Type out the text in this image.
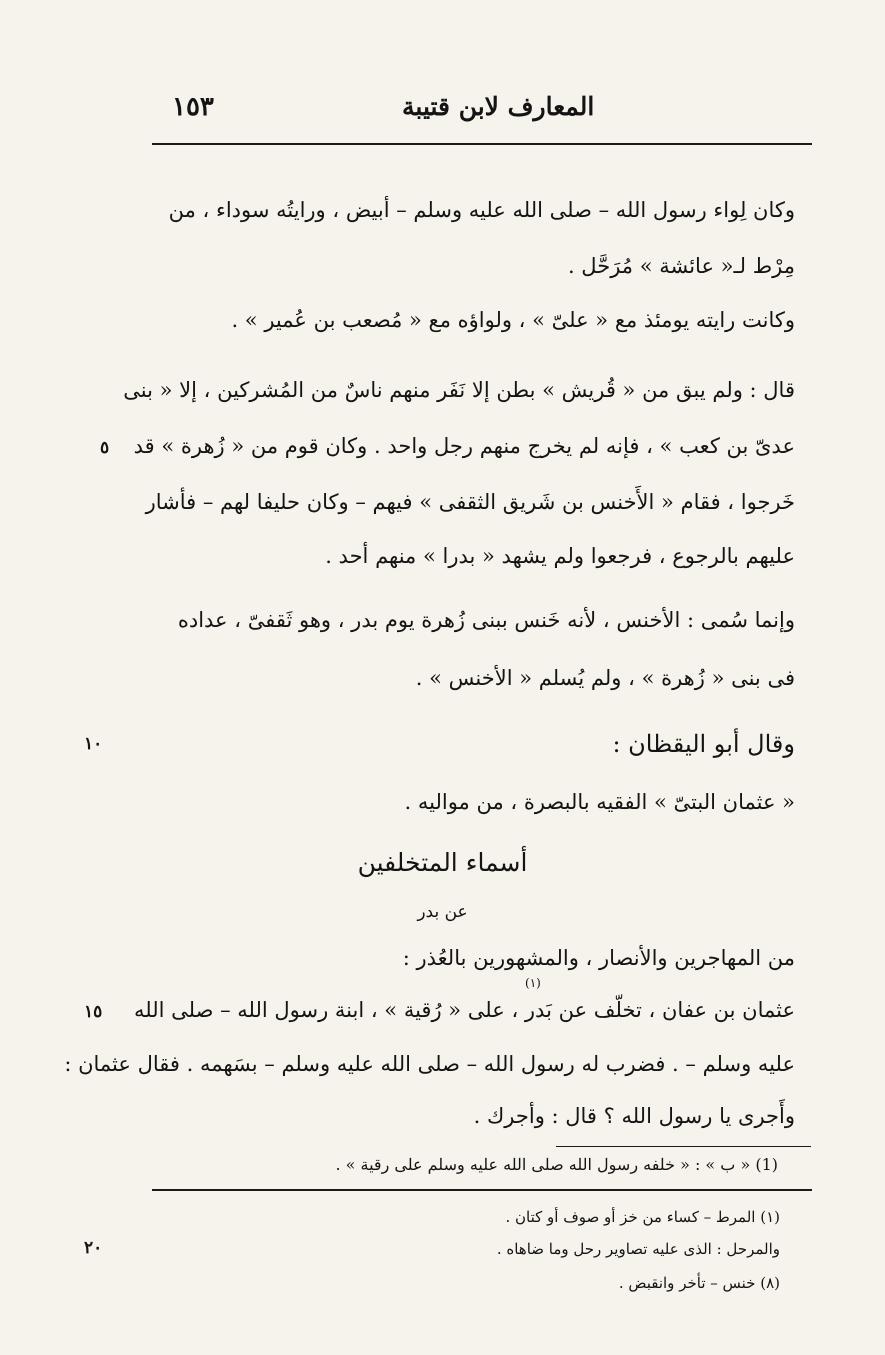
١٥٣	المعارف لابن قتيبة
وكان لِواء رسول الله – صلى الله عليه وسلم – أبيض ، ورايتُه سوداء ، من
مِرْط لـ« عائشة » مُرَحَّل .
وكانت رايته يومئذ مع « علىّ » ، ولواؤه مع « مُصعب بن عُمير » .
قال : ولم يبق من « قُريش » بطن إلا نَفَر منهم ناسٌ من المُشركين ، إلا « بنى
عدىّ بن كعب » ، فإنه لم يخرج منهم رجل واحد . وكان قوم من « زُهرة » قد
خَرجوا ، فقام « الأَخنس بن شَريق الثقفى » فيهم – وكان حليفا لهم – فأشار
عليهم بالرجوع ، فرجعوا ولم يشهد « بدرا » منهم أحد .
وإنما سُمى : الأخنس ، لأنه خَنس ببنى زُهرة يوم بدر ، وهو ثَقفىّ ، عداده
فى بنى « زُهرة » ، ولم يُسلم « الأخنس » .
وقال أبو اليقظان :
« عثمان البتىّ » الفقيه بالبصرة ، من مواليه .
أسماء المتخلفين
عن بدر
من المهاجرين والأنصار ، والمشهورين بالعُذر :
(١)
عثمان بن عفان ، تخلّف عن بَدر ، على « رُقية » ، ابنة رسول الله – صلى الله
عليه وسلم – . فضرب له رسول الله – صلى الله عليه وسلم – بسَهمه . فقال عثمان :
وأَجرى يا رسول الله ؟ قال : وأجرك .
(1) « ب » : « خلفه رسول الله صلى الله عليه وسلم على رقية » .
(١) المرط – كساء من خز أو صوف أو كتان .
والمرحل : الذى عليه تصاوير رحل وما ضاهاه .
(٨) خنس – تأخر وانقبض .
٥
١٠
١٥
٢٠
